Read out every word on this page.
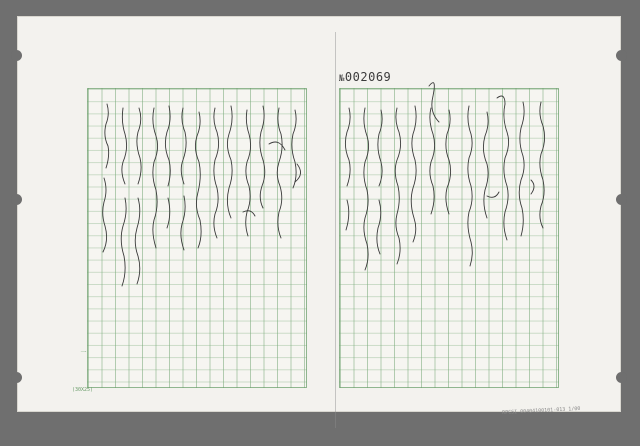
№002069
一
(30X25)
RPCSI 00404100101-013 1/00
